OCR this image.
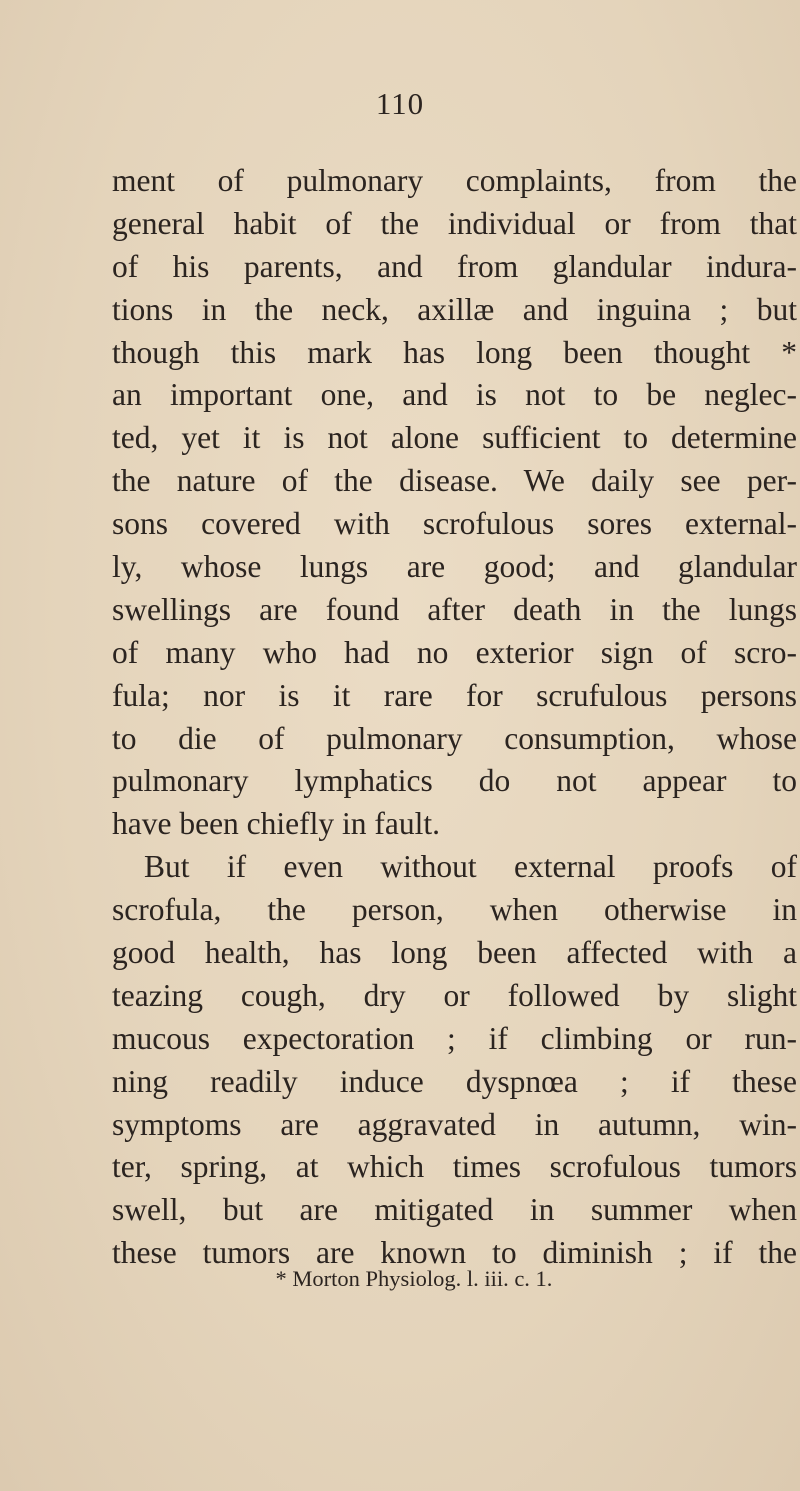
110
ment of pulmonary complaints, from the
general habit of the individual or from that
of his parents, and from glandular indura-
tions in the neck, axillæ and inguina ; but
though this mark has long been thought *
an important one, and is not to be neglec-
ted, yet it is not alone sufficient to determine
the nature of the disease. We daily see per-
sons covered with scrofulous sores external-
ly, whose lungs are good; and glandular
swellings are found after death in the lungs
of many who had no exterior sign of scro-
fula; nor is it rare for scrufulous persons
to die of pulmonary consumption, whose
pulmonary lymphatics do not appear to
have been chiefly in fault.
But if even without external proofs of
scrofula, the person, when otherwise in
good health, has long been affected with a
teazing cough, dry or followed by slight
mucous expectoration ; if climbing or run-
ning readily induce dyspnœa ; if these
symptoms are aggravated in autumn, win-
ter, spring, at which times scrofulous tumors
swell, but are mitigated in summer when
these tumors are known to diminish ; if the
* Morton Physiolog. l. iii. c. 1.
